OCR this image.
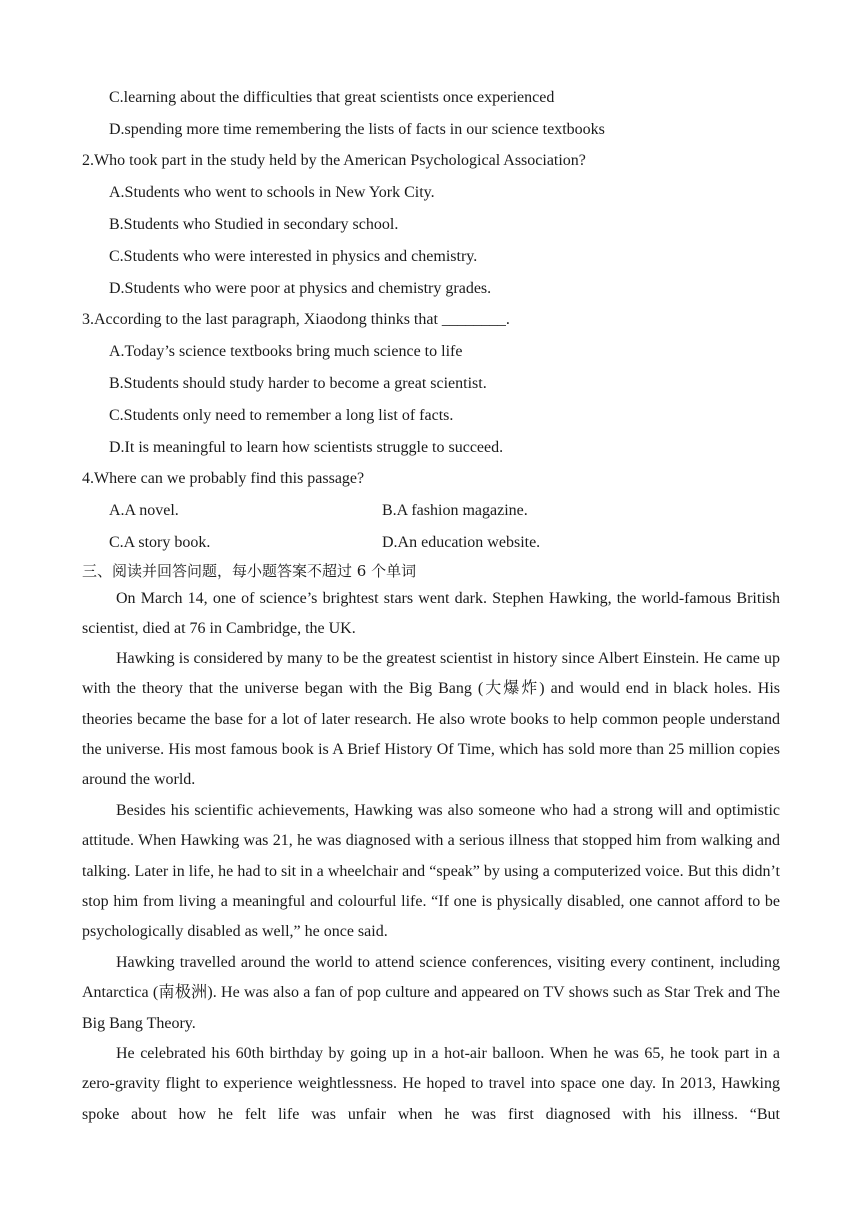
C.learning about the difficulties that great scientists once experienced
D.spending more time remembering the lists of facts in our science textbooks
2.Who took part in the study held by the American Psychological Association?
A.Students who went to schools in New York City.
B.Students who Studied in secondary school.
C.Students who were interested in physics and chemistry.
D.Students who were poor at physics and chemistry grades.
3.According to the last paragraph, Xiaodong thinks that ________.
A.Today’s science textbooks bring much science to life
B.Students should study harder to become a great scientist.
C.Students only need to remember a long list of facts.
D.It is meaningful to learn how scientists struggle to succeed.
4.Where can we probably find this passage?
A.A novel.	B.A fashion magazine.
C.A story book.	D.An education website.
三、阅读并回答问题，每小题答案不超过 6 个单词

On March 14, one of science’s brightest stars went dark. Stephen Hawking, the world-famous British scientist, died at 76 in Cambridge, the UK.

Hawking is considered by many to be the greatest scientist in history since Albert Einstein. He came up with the theory that the universe began with the Big Bang (大爆炸) and would end in black holes. His theories became the base for a lot of later research. He also wrote books to help common people understand the universe. His most famous book is A Brief History Of Time, which has sold more than 25 million copies around the world.

Besides his scientific achievements, Hawking was also someone who had a strong will and optimistic attitude. When Hawking was 21, he was diagnosed with a serious illness that stopped him from walking and talking. Later in life, he had to sit in a wheelchair and “speak” by using a computerized voice. But this didn’t stop him from living a meaningful and colourful life. “If one is physically disabled, one cannot afford to be psychologically disabled as well,” he once said.

Hawking travelled around the world to attend science conferences, visiting every continent, including Antarctica (南极洲). He was also a fan of pop culture and appeared on TV shows such as Star Trek and The Big Bang Theory.

He celebrated his 60th birthday by going up in a hot-air balloon. When he was 65, he took part in a zero-gravity flight to experience weightlessness. He hoped to travel into space one day. In 2013, Hawking spoke about how he felt life was unfair when he was first diagnosed with his illness. “But
